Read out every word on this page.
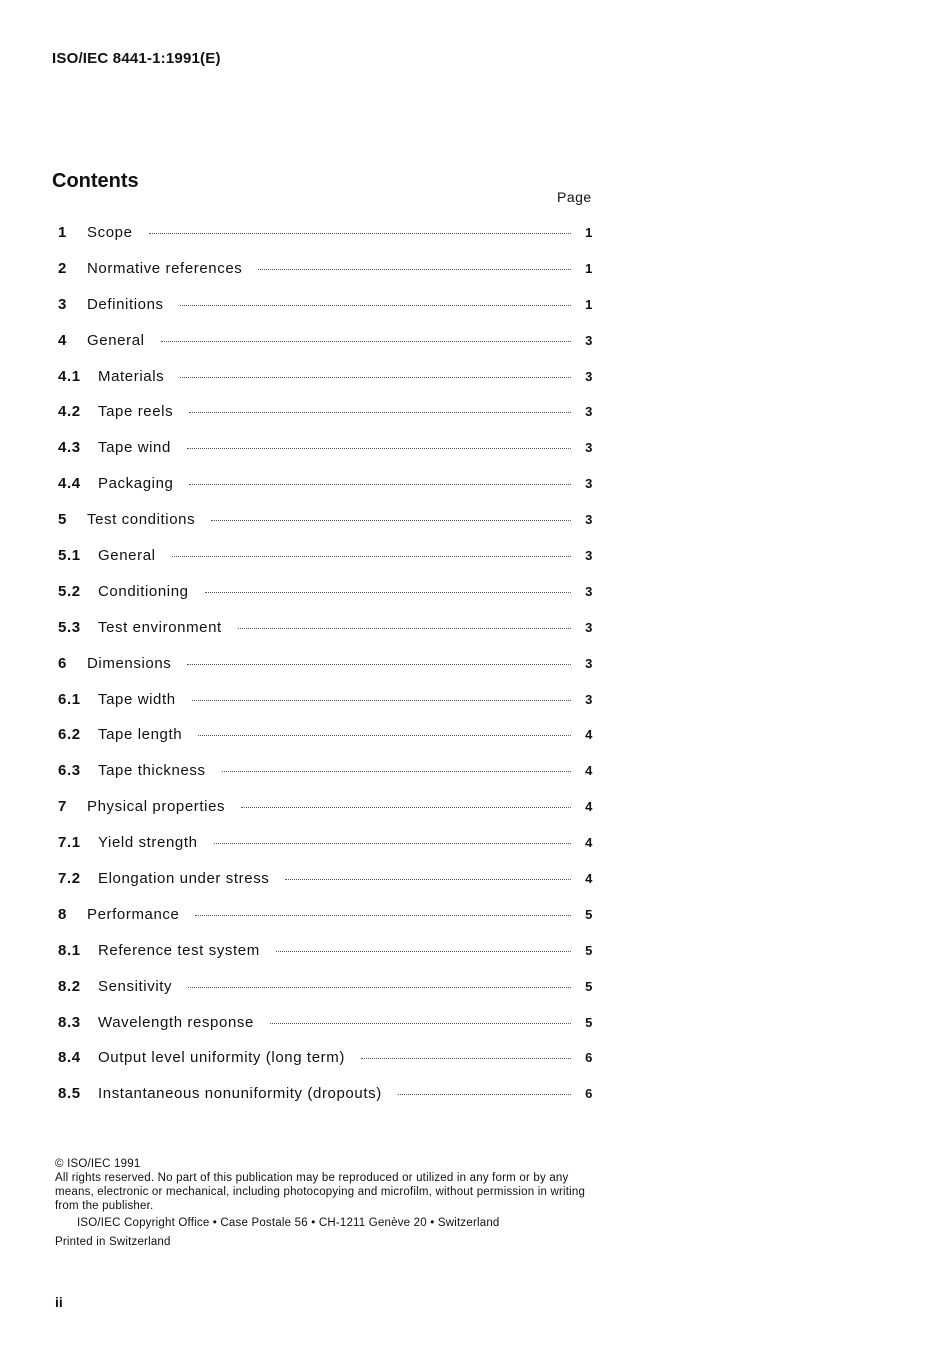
ISO/IEC 8441-1:1991(E)
Contents
Page
1	Scope	1
2	Normative references	1
3	Definitions	1
4	General	3
4.1	Materials	3
4.2	Tape reels	3
4.3	Tape wind	3
4.4	Packaging	3
5	Test conditions	3
5.1	General	3
5.2	Conditioning	3
5.3	Test environment	3
6	Dimensions	3
6.1	Tape width	3
6.2	Tape length	4
6.3	Tape thickness	4
7	Physical properties	4
7.1	Yield strength	4
7.2	Elongation under stress	4
8	Performance	5
8.1	Reference test system	5
8.2	Sensitivity	5
8.3	Wavelength response	5
8.4	Output level uniformity (long term)	6
8.5	Instantaneous nonuniformity (dropouts)	6
© ISO/IEC 1991
All rights reserved. No part of this publication may be reproduced or utilized in any form or by any means, electronic or mechanical, including photocopying and microfilm, without permission in writing from the publisher.
ISO/IEC Copyright Office • Case Postale 56 • CH-1211 Genève 20 • Switzerland
Printed in Switzerland
ii
